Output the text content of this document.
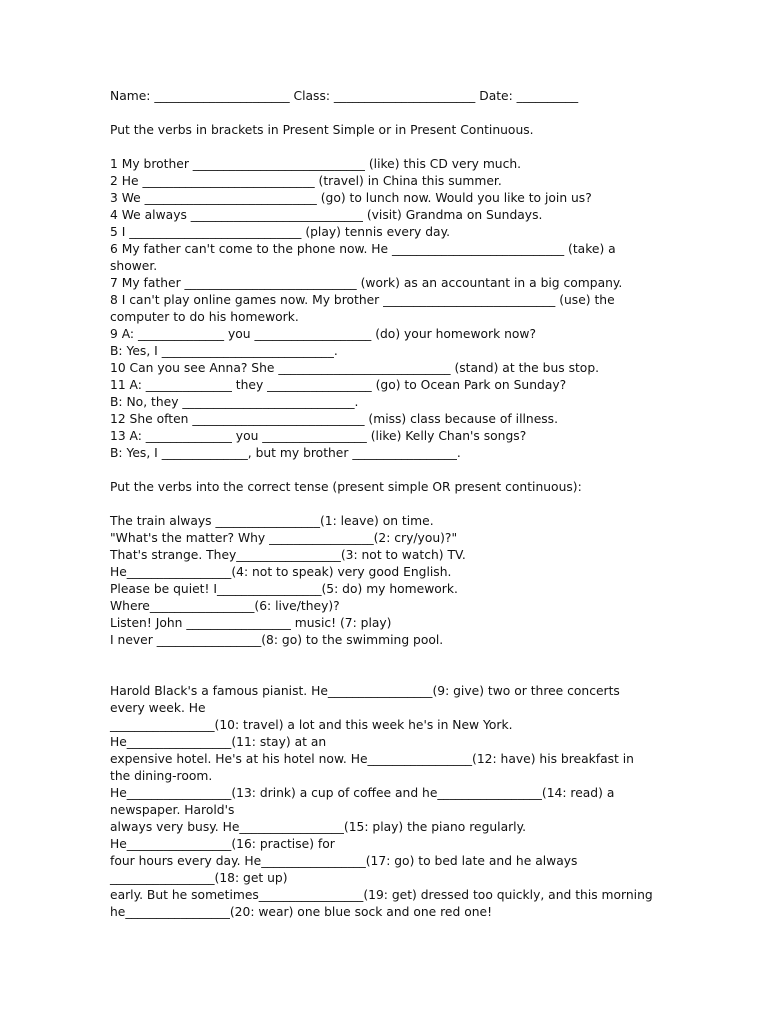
Name: ______________________ Class: _______________________ Date: __________
Put the verbs in brackets in Present Simple or in Present Continuous.
1 My brother ____________________________ (like) this CD very much.
2 He ____________________________ (travel) in China this summer.
3 We ____________________________ (go) to lunch now. Would you like to join us?
4 We always ____________________________ (visit) Grandma on Sundays.
5 I ____________________________ (play) tennis every day.
6 My father can't come to the phone now. He ____________________________ (take) a shower.
7 My father ____________________________ (work) as an accountant in a big company.
8 I can't play online games now. My brother ____________________________ (use) the computer to do his homework.
9 A: ______________ you ___________________ (do) your homework now?
B: Yes, I ____________________________.
10 Can you see Anna? She ____________________________ (stand) at the bus stop.
11 A: ______________ they _________________ (go) to Ocean Park on Sunday?
B: No, they ____________________________.
12 She often ____________________________ (miss) class because of illness.
13 A: ______________ you _________________ (like) Kelly Chan's songs?
B: Yes, I ______________, but my brother _________________.
Put the verbs into the correct tense (present simple OR present continuous):
The train always _________________(1: leave) on time.
"What's the matter? Why _________________(2: cry/you)?"
That's strange. They_________________(3: not to watch) TV.
He_________________(4: not to speak) very good English.
Please be quiet! I_________________(5: do) my homework.
Where_________________(6: live/they)?
Listen! John _________________ music! (7: play)
I never _________________(8: go) to the swimming pool.
Harold Black's a famous pianist. He_________________(9: give) two or three concerts every week. He
_________________(10: travel) a lot and this week he's in New York.
He_________________(11: stay) at an
expensive hotel. He's at his hotel now. He_________________(12: have) his breakfast in the dining-room.
He_________________(13: drink) a cup of coffee and he_________________(14: read) a newspaper. Harold's
always very busy. He_________________(15: play) the piano regularly.
He_________________(16: practise) for
four hours every day. He_________________(17: go) to bed late and he always
_________________(18: get up)
early. But he sometimes_________________(19: get) dressed too quickly, and this morning
he_________________(20: wear) one blue sock and one red one!
